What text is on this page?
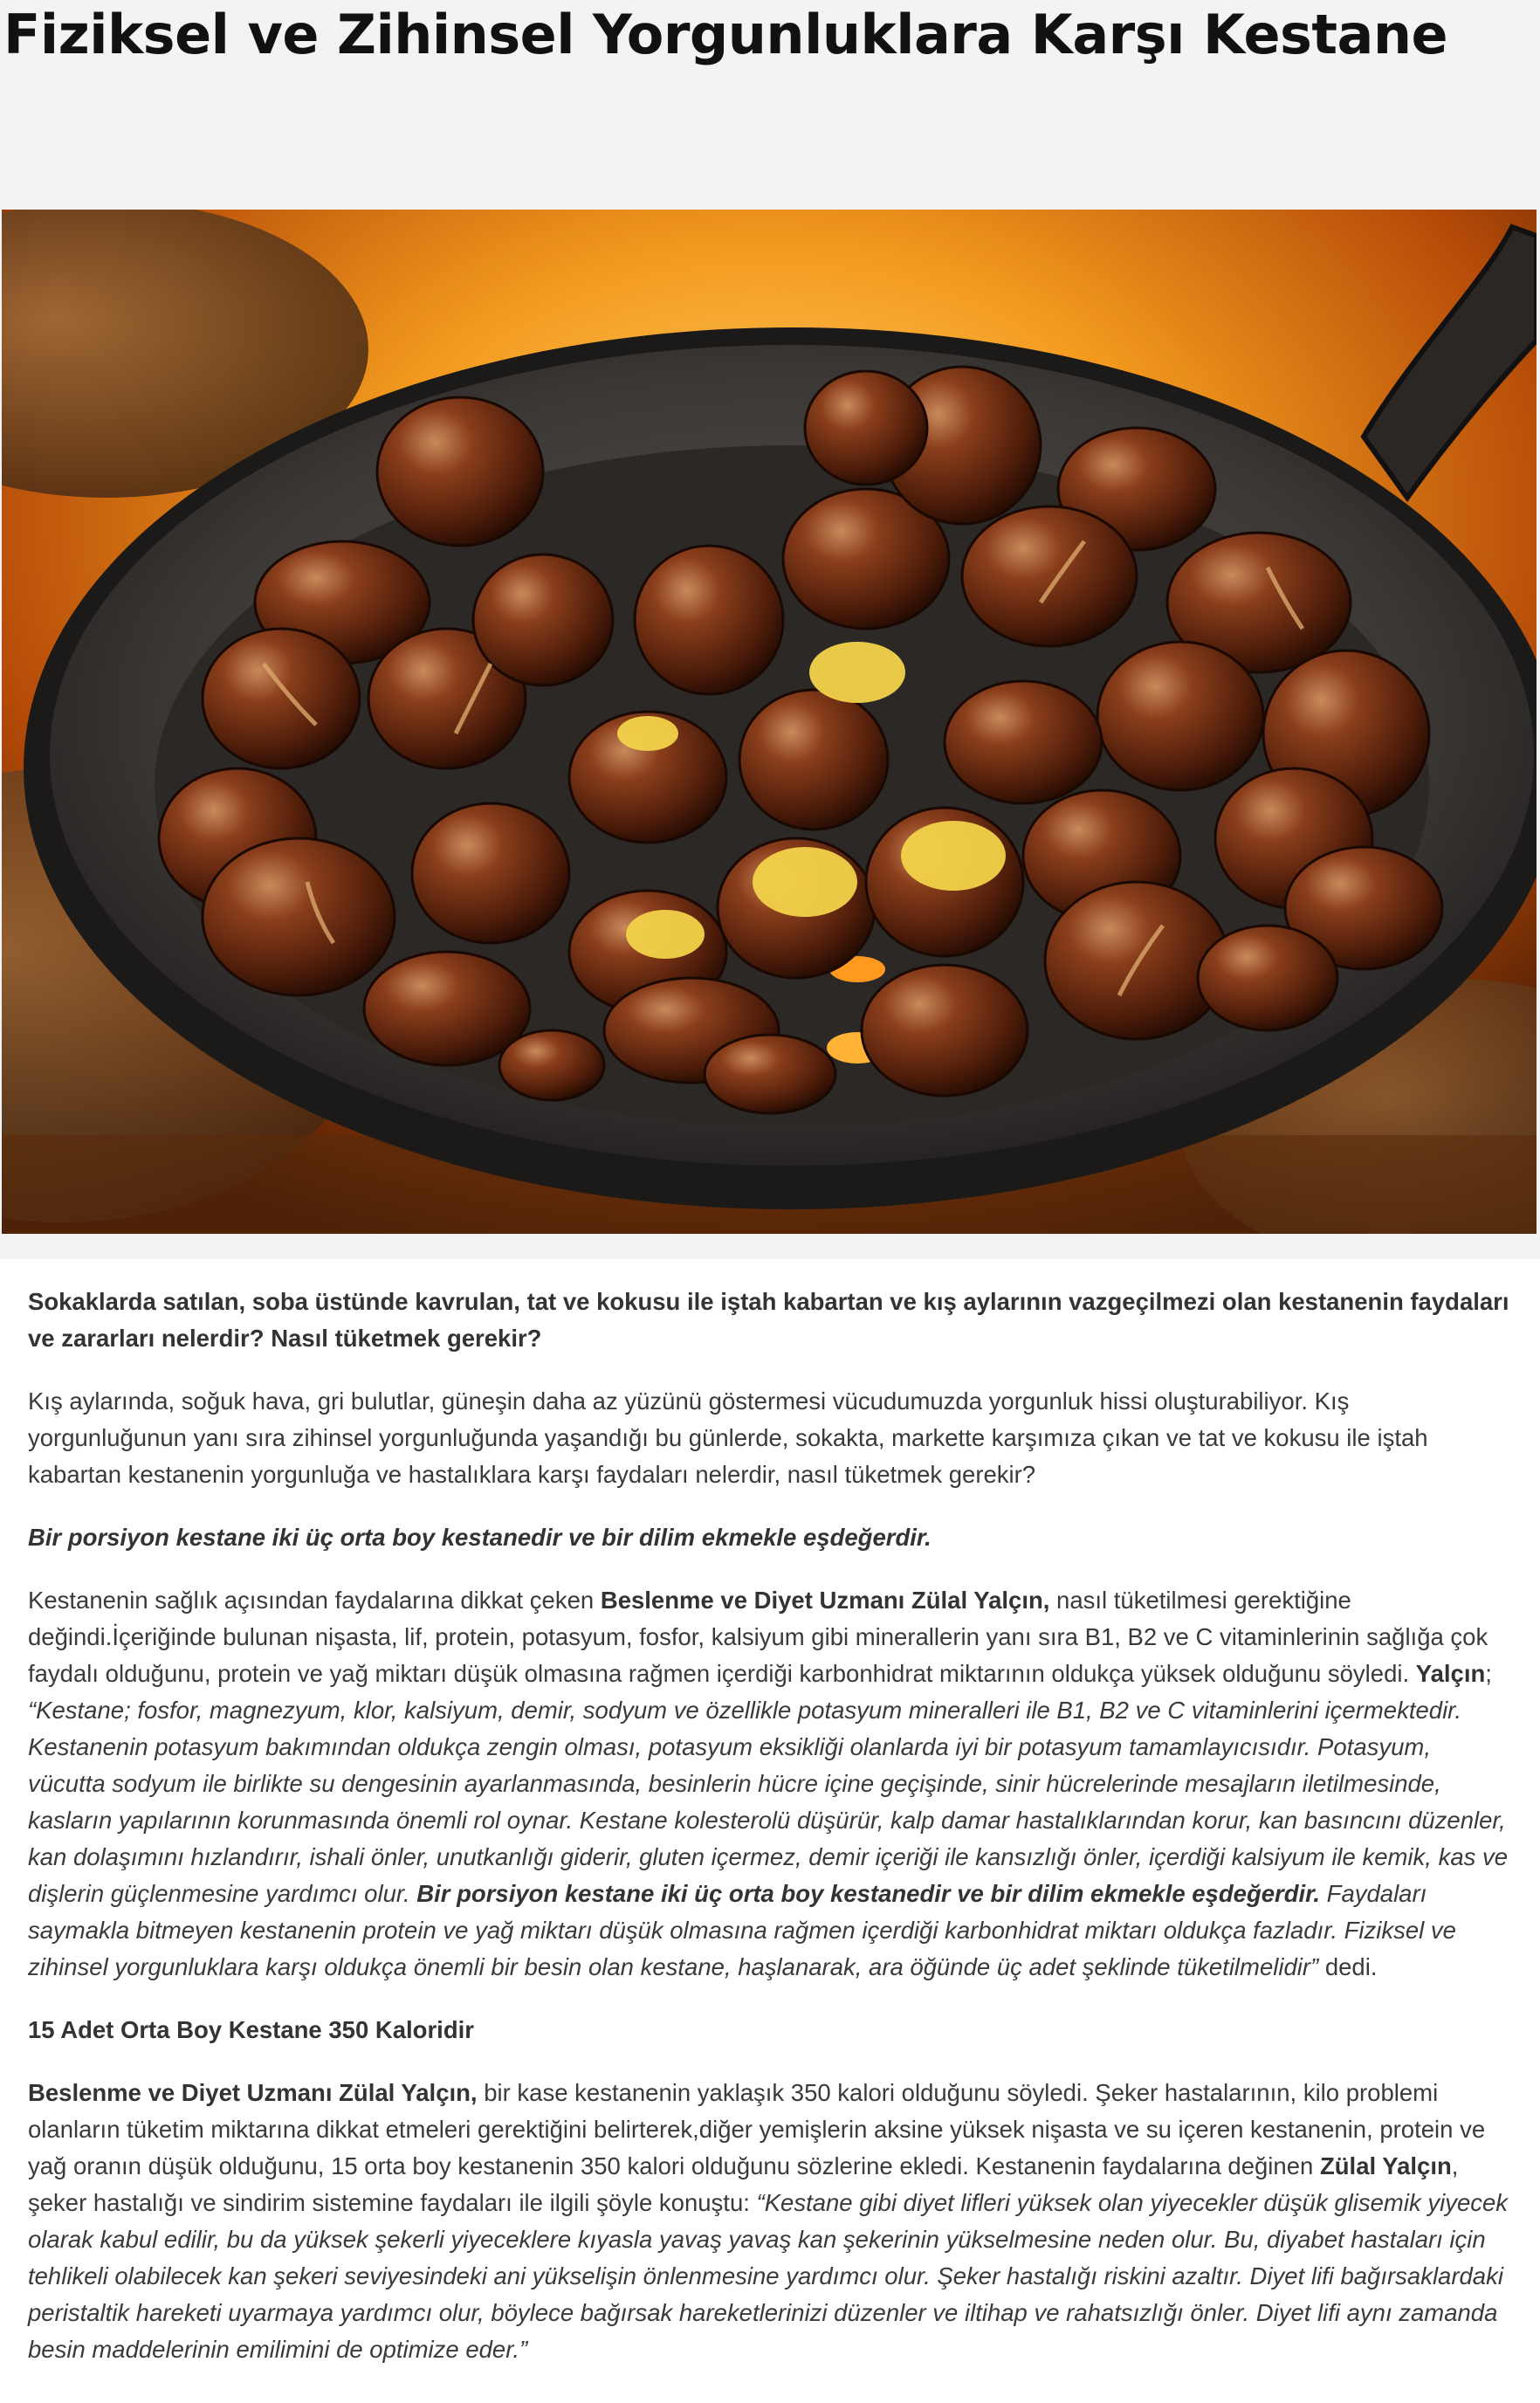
Fiziksel ve Zihinsel Yorgunluklara Karşı Kestane

Sokaklarda satılan, soba üstünde kavrulan, tat ve kokusu ile iştah kabartan ve kış aylarının vazgeçilmezi olan kestanenin faydaları ve zararları nelerdir? Nasıl tüketmek gerekir?

Kış aylarında, soğuk hava, gri bulutlar, güneşin daha az yüzünü göstermesi vücudumuzda yorgunluk hissi oluşturabiliyor. Kış yorgunluğunun yanı sıra zihinsel yorgunluğunda yaşandığı bu günlerde, sokakta, markette karşımıza çıkan ve tat ve kokusu ile iştah kabartan kestanenin yorgunluğa ve hastalıklara karşı faydaları nelerdir, nasıl tüketmek gerekir?

Bir porsiyon kestane iki üç orta boy kestanedir ve bir dilim ekmekle eşdeğerdir.

Kestanenin sağlık açısından faydalarına dikkat çeken Beslenme ve Diyet Uzmanı Zülal Yalçın, nasıl tüketilmesi gerektiğine değindi.İçeriğinde bulunan nişasta, lif, protein, potasyum, fosfor, kalsiyum gibi minerallerin yanı sıra B1, B2 ve C vitaminlerinin sağlığa çok faydalı olduğunu, protein ve yağ miktarı düşük olmasına rağmen içerdiği karbonhidrat miktarının oldukça yüksek olduğunu söyledi. Yalçın; “Kestane; fosfor, magnezyum, klor, kalsiyum, demir, sodyum ve özellikle potasyum mineralleri ile B1, B2 ve C vitaminlerini içermektedir. Kestanenin potasyum bakımından oldukça zengin olması, potasyum eksikliği olanlarda iyi bir potasyum tamamlayıcısıdır. Potasyum, vücutta sodyum ile birlikte su dengesinin ayarlanmasında, besinlerin hücre içine geçişinde, sinir hücrelerinde mesajların iletilmesinde, kasların yapılarının korunmasında önemli rol oynar. Kestane kolesterolü düşürür, kalp damar hastalıklarından korur, kan basıncını düzenler, kan dolaşımını hızlandırır, ishali önler, unutkanlığı giderir, gluten içermez, demir içeriği ile kansızlığı önler, içerdiği kalsiyum ile kemik, kas ve dişlerin güçlenmesine yardımcı olur. Bir porsiyon kestane iki üç orta boy kestanedir ve bir dilim ekmekle eşdeğerdir. Faydaları saymakla bitmeyen kestanenin protein ve yağ miktarı düşük olmasına rağmen içerdiği karbonhidrat miktarı oldukça fazladır. Fiziksel ve zihinsel yorgunluklara karşı oldukça önemli bir besin olan kestane, haşlanarak, ara öğünde üç adet şeklinde tüketilmelidir” dedi.

15 Adet Orta Boy Kestane 350 Kaloridir

Beslenme ve Diyet Uzmanı Zülal Yalçın, bir kase kestanenin yaklaşık 350 kalori olduğunu söyledi. Şeker hastalarının, kilo problemi olanların tüketim miktarına dikkat etmeleri gerektiğini belirterek,diğer yemişlerin aksine yüksek nişasta ve su içeren kestanenin, protein ve yağ oranın düşük olduğunu, 15 orta boy kestanenin 350 kalori olduğunu sözlerine ekledi. Kestanenin faydalarına değinen Zülal Yalçın, şeker hastalığı ve sindirim sistemine faydaları ile ilgili şöyle konuştu: “Kestane gibi diyet lifleri yüksek olan yiyecekler düşük glisemik yiyecek olarak kabul edilir, bu da yüksek şekerli yiyeceklere kıyasla yavaş yavaş kan şekerinin yükselmesine neden olur. Bu, diyabet hastaları için tehlikeli olabilecek kan şekeri seviyesindeki ani yükselişin önlenmesine yardımcı olur. Şeker hastalığı riskini azaltır. Diyet lifi bağırsaklardaki peristaltik hareketi uyarmaya yardımcı olur, böylece bağırsak hareketlerinizi düzenler ve iltihap ve rahatsızlığı önler. Diyet lifi aynı zamanda besin maddelerinin emilimini de optimize eder.”
